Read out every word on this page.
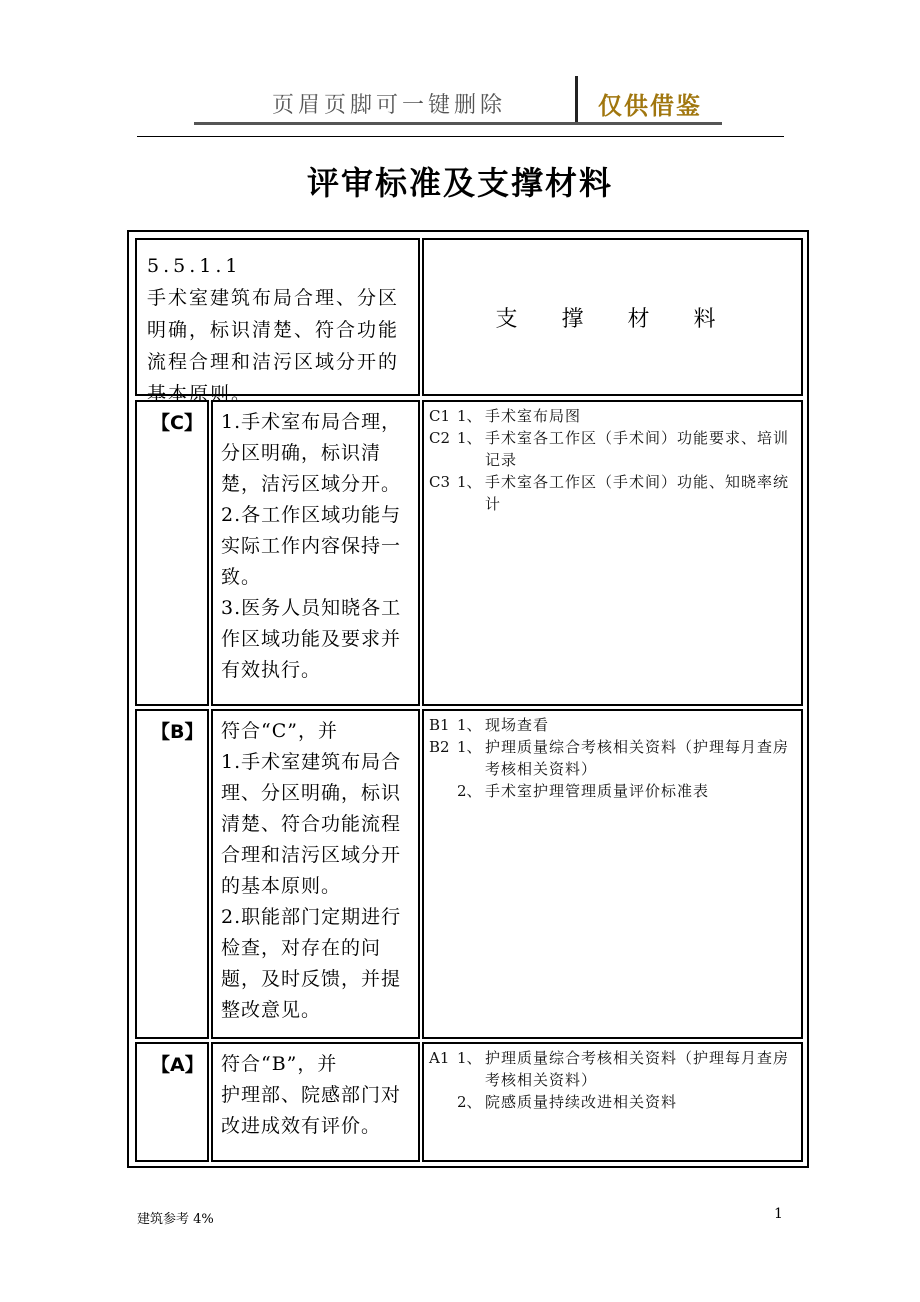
页眉页脚可一键删除	仅供借鉴
评审标准及支撑材料
5.5.1.1
手术室建筑布局合理、分区明确，标识清楚、符合功能流程合理和洁污区域分开的基本原则。
支撑材料
【C】 1.手术室布局合理，分区明确，标识清楚，洁污区域分开。

2.各工作区域功能与实际工作内容保持一致。

3.医务人员知晓各工作区域功能及要求并有效执行。

C1 1、 手术室布局图
C2 1、 手术室各工作区（手术间）功能要求、培训记录
C3 1、 手术室各工作区（手术间）功能、知晓率统计
【B】 符合“C”，并

1.手术室建筑布局合理、分区明确，标识清楚、符合功能流程合理和洁污区域分开的基本原则。

2.职能部门定期进行检查，对存在的问题，及时反馈，并提整改意见。

B1 1、 现场查看
B2 1、 护理质量综合考核相关资料（护理每月查房考核相关资料）
2、 手术室护理管理质量评价标准表
【A】 符合“B”，并

护理部、院感部门对改进成效有评价。

A1 1、 护理质量综合考核相关资料（护理每月查房考核相关资料）
2、 院感质量持续改进相关资料
建筑参考 4%	1
